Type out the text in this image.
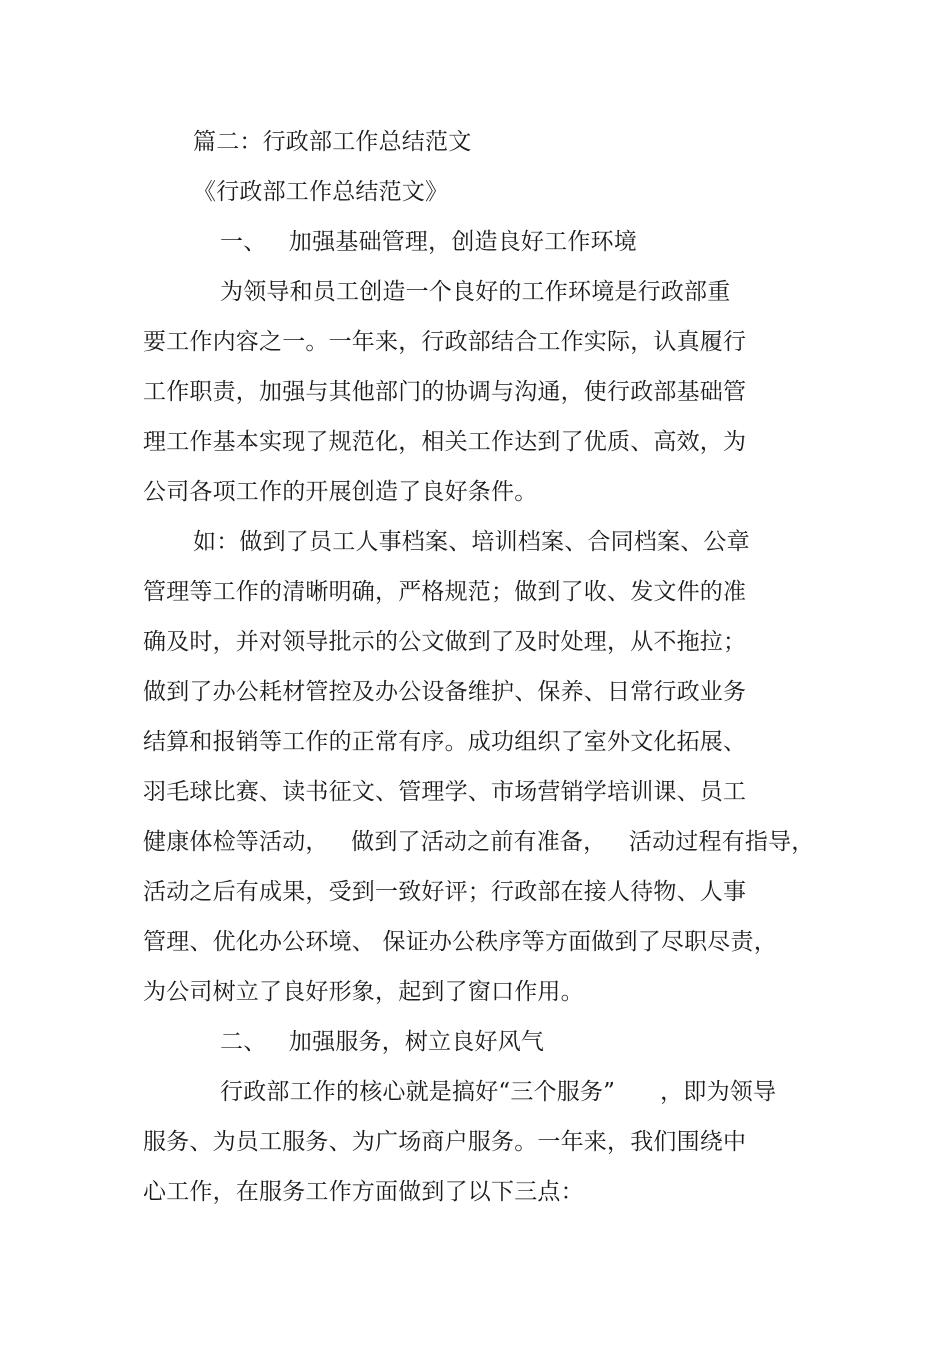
篇二：行政部工作总结范文
《行政部工作总结范文》
一、   加强基础管理，创造良好工作环境
为领导和员工创造一个良好的工作环境是行政部重
要工作内容之一。一年来，行政部结合工作实际，认真履行
工作职责，加强与其他部门的协调与沟通，使行政部基础管
理工作基本实现了规范化，相关工作达到了优质、高效，为
公司各项工作的开展创造了良好条件。
如：做到了员工人事档案、培训档案、合同档案、公章
管理等工作的清晰明确，严格规范；做到了收、发文件的准
确及时，并对领导批示的公文做到了及时处理，从不拖拉；
做到了办公耗材管控及办公设备维护、保养、日常行政业务
结算和报销等工作的正常有序。成功组织了室外文化拓展、
羽毛球比赛、读书征文、管理学、市场营销学培训课、员工
健康体检等活动，   做到了活动之前有准备，   活动过程有指导，
活动之后有成果，受到一致好评；行政部在接人待物、人事
管理、优化办公环境、 保证办公秩序等方面做到了尽职尽责，
为公司树立了良好形象，起到了窗口作用。
二、   加强服务，树立良好风气
行政部工作的核心就是搞好“三个服务”      ，即为领导
服务、为员工服务、为广场商户服务。一年来，我们围绕中
心工作，在服务工作方面做到了以下三点：
